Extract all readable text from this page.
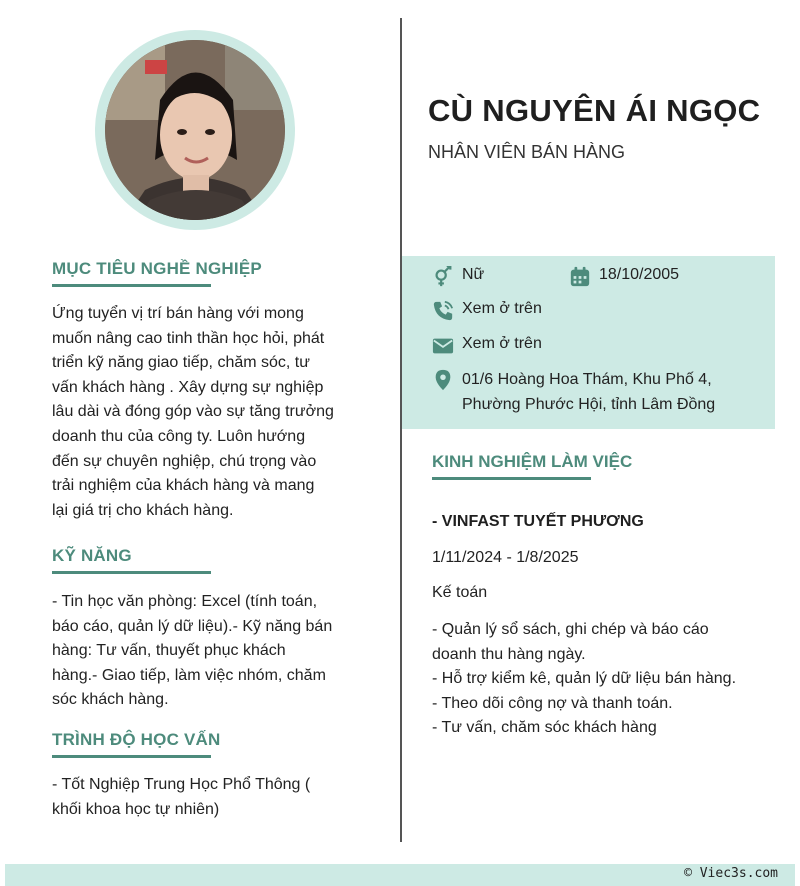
MỤC TIÊU NGHỀ NGHIỆP
Ứng tuyển vị trí bán hàng với mong
muốn nâng cao tinh thần học hỏi, phát
triển kỹ năng giao tiếp, chăm sóc, tư
vấn khách hàng . Xây dựng sự nghiệp
lâu dài và đóng góp vào sự tăng trưởng
doanh thu của công ty. Luôn hướng
đến sự chuyên nghiệp, chú trọng vào
trải nghiệm của khách hàng và mang
lại giá trị cho khách hàng.
KỸ NĂNG
- Tin học văn phòng: Excel (tính toán,
báo cáo, quản lý dữ liệu).- Kỹ năng bán
hàng: Tư vấn, thuyết phục khách
hàng.- Giao tiếp, làm việc nhóm, chăm
sóc khách hàng.
TRÌNH ĐỘ HỌC VẤN
- Tốt Nghiệp Trung Học Phổ Thông (
khối khoa học tự nhiên)
CÙ NGUYÊN ÁI NGỌC
NHÂN VIÊN BÁN HÀNG
Nữ	18/10/2005
Xem ở trên
Xem ở trên
01/6 Hoàng Hoa Thám, Khu Phố 4,
Phường Phước Hội, tỉnh Lâm Đồng
KINH NGHIỆM LÀM VIỆC
- VINFAST TUYẾT PHƯƠNG
1/11/2024 - 1/8/2025
Kế toán
- Quản lý sổ sách, ghi chép và báo cáo
doanh thu hàng ngày.
- Hỗ trợ kiểm kê, quản lý dữ liệu bán hàng.
- Theo dõi công nợ và thanh toán.
- Tư vấn, chăm sóc khách hàng
© Viec3s.com
